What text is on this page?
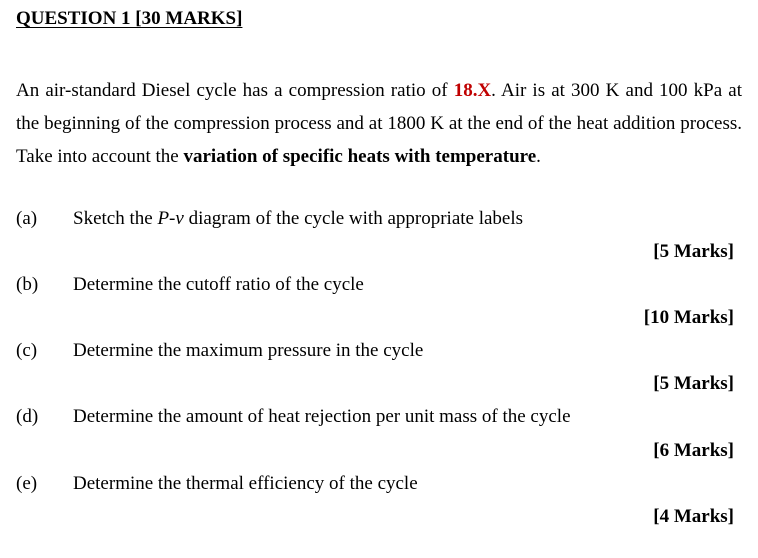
QUESTION 1 [30 MARKS]
An air-standard Diesel cycle has a compression ratio of 18.X. Air is at 300 K and 100 kPa at
the beginning of the compression process and at 1800 K at the end of the heat addition process.
Take into account the variation of specific heats with temperature.
(a) Sketch the P-v diagram of the cycle with appropriate labels
[5 Marks]
(b) Determine the cutoff ratio of the cycle
[10 Marks]
(c) Determine the maximum pressure in the cycle
[5 Marks]
(d) Determine the amount of heat rejection per unit mass of the cycle
[6 Marks]
(e) Determine the thermal efficiency of the cycle
[4 Marks]
